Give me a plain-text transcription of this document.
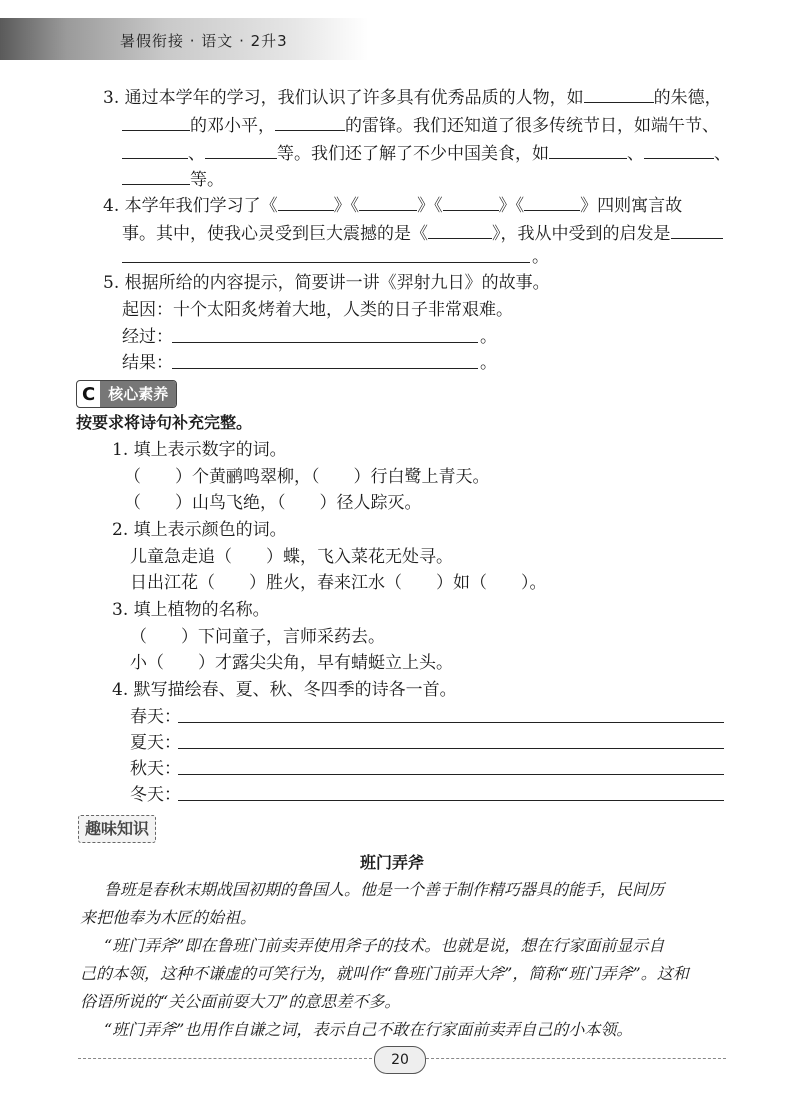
暑假衔接 · 语文 · 2升3
3. 通过本学年的学习，我们认识了许多具有优秀品质的人物，如	的朱德，
的邓小平，	的雷锋。我们还知道了很多传统节日，如端午节、
、	等。我们还了解了不少中国美食，如	、	、
等。
4. 本学年我们学习了《	》《	》《	》《	》四则寓言故
事。其中，使我心灵受到巨大震撼的是《	》，我从中受到的启发是
。
5. 根据所给的内容提示，简要讲一讲《羿射九日》的故事。
起因：十个太阳炙烤着大地，人类的日子非常艰难。
经过：	。
结果：	。
C 核心素养
按要求将诗句补充完整。
1. 填上表示数字的词。
（　　）个黄鹂鸣翠柳，（　　）行白鹭上青天。
（　　）山鸟飞绝，（　　）径人踪灭。
2. 填上表示颜色的词。
儿童急走追（　　）蝶，飞入菜花无处寻。
日出江花（　　）胜火，春来江水（　　）如（　　）。
3. 填上植物的名称。
（　　）下问童子，言师采药去。
小（　　）才露尖尖角，早有蜻蜓立上头。
4. 默写描绘春、夏、秋、冬四季的诗各一首。
春天：
夏天：
秋天：
冬天：
趣味知识
班门弄斧
鲁班是春秋末期战国初期的鲁国人。他是一个善于制作精巧器具的能手，民间历
来把他奉为木匠的始祖。
“班门弄斧”即在鲁班门前卖弄使用斧子的技术。也就是说，想在行家面前显示自
己的本领，这种不谦虚的可笑行为，就叫作“鲁班门前弄大斧”，简称“班门弄斧”。这和
俗语所说的“关公面前耍大刀”的意思差不多。
“班门弄斧”也用作自谦之词，表示自己不敢在行家面前卖弄自己的小本领。
20
